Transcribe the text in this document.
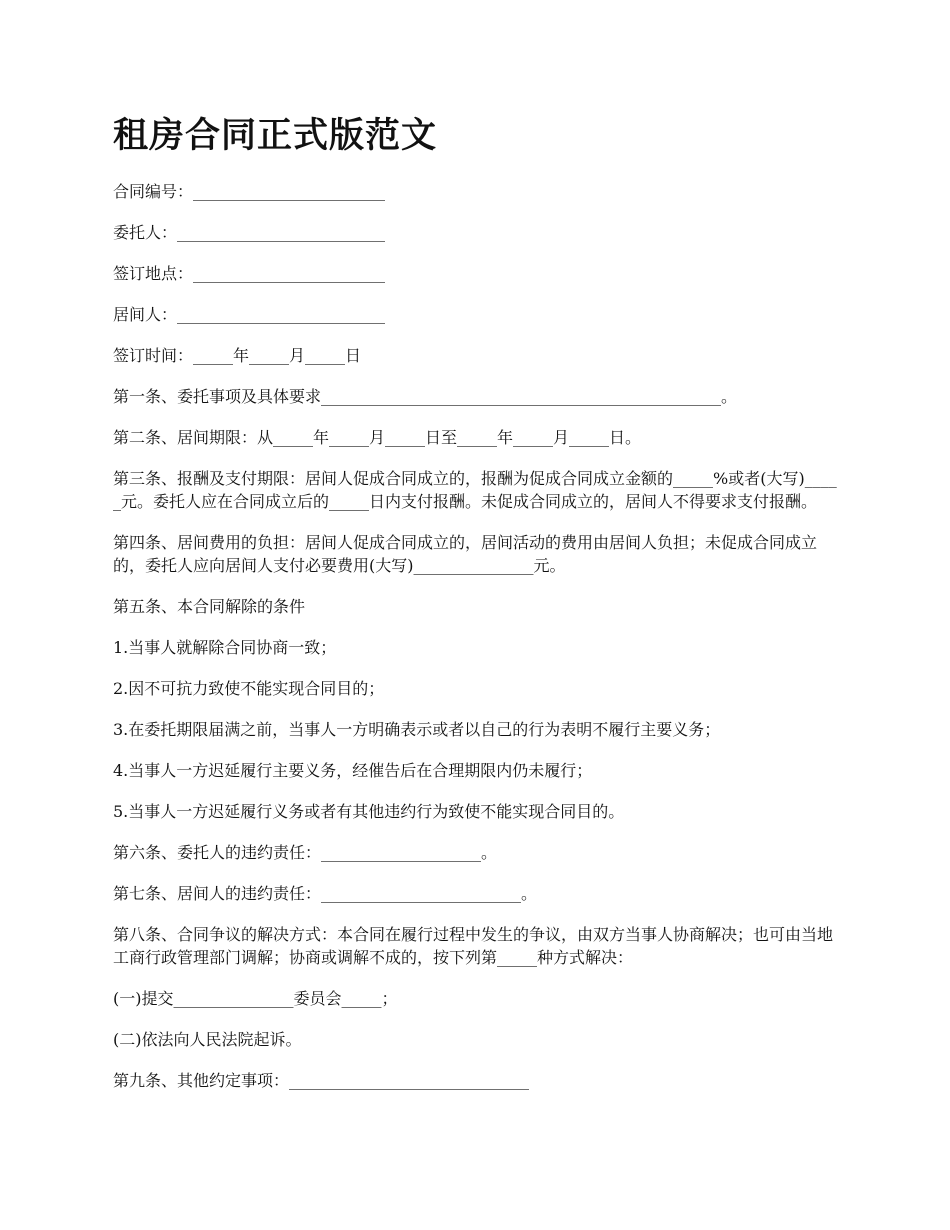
租房合同正式版范文

合同编号：________________________

委托人：__________________________

签订地点：________________________

居间人：__________________________

签订时间：_____年_____月_____日

第一条、委托事项及具体要求__________________________________________________。

第二条、居间期限：从_____年_____月_____日至_____年_____月_____日。

第三条、报酬及支付期限：居间人促成合同成立的，报酬为促成合同成立金额的_____%或者(大写)_____元。委托人应在合同成立后的_____日内支付报酬。未促成合同成立的，居间人不得要求支付报酬。

第四条、居间费用的负担：居间人促成合同成立的，居间活动的费用由居间人负担；未促成合同成立的，委托人应向居间人支付必要费用(大写)_______________元。

第五条、本合同解除的条件

1.当事人就解除合同协商一致；

2.因不可抗力致使不能实现合同目的；

3.在委托期限届满之前，当事人一方明确表示或者以自己的行为表明不履行主要义务；

4.当事人一方迟延履行主要义务，经催告后在合理期限内仍未履行；

5.当事人一方迟延履行义务或者有其他违约行为致使不能实现合同目的。

第六条、委托人的违约责任：____________________。

第七条、居间人的违约责任：_________________________。

第八条、合同争议的解决方式：本合同在履行过程中发生的争议，由双方当事人协商解决；也可由当地工商行政管理部门调解；协商或调解不成的，按下列第_____种方式解决：

(一)提交_______________委员会_____；

(二)依法向人民法院起诉。

第九条、其他约定事项：______________________________
